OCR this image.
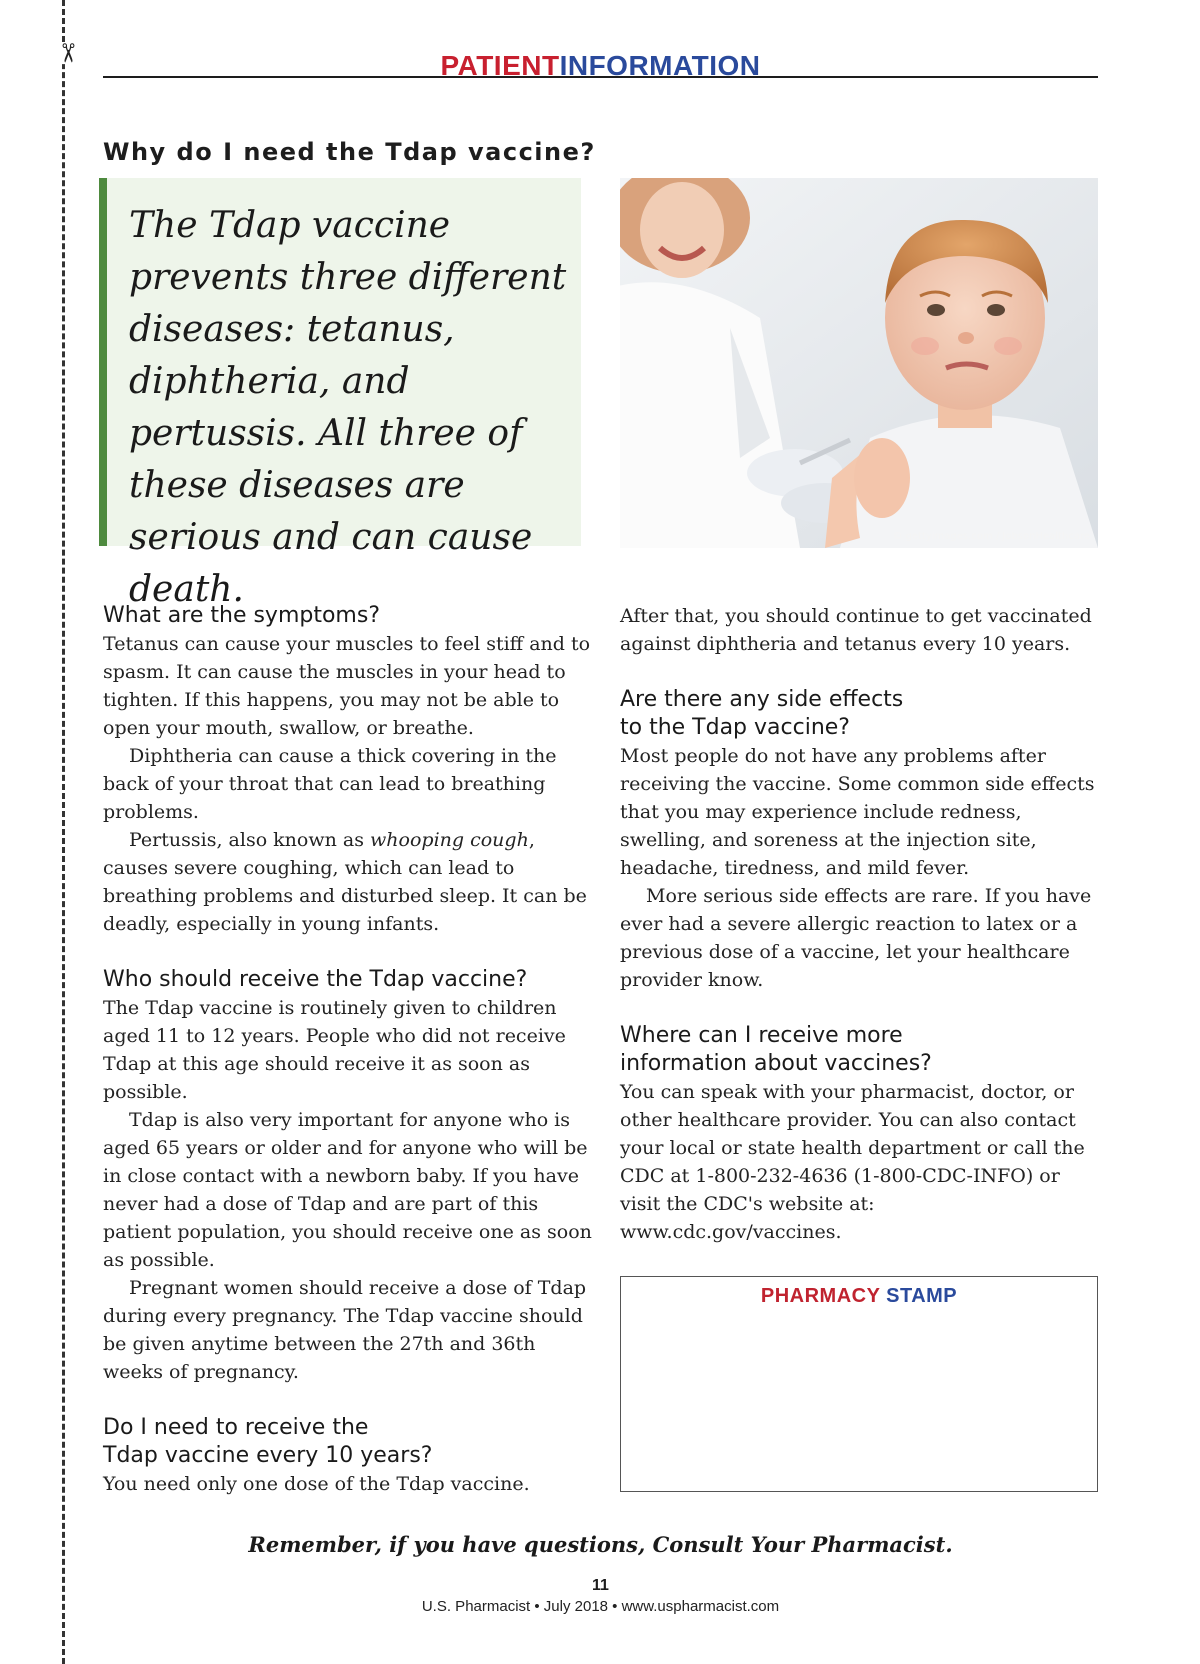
✂	PATIENTINFORMATION
Why do I need the Tdap vaccine?

The Tdap vaccine prevents three different diseases: tetanus, diphtheria, and pertussis. All three of these diseases are serious and can cause death.

© gettyimages.com / JobsonHealthcare
What are the symptoms?

Tetanus can cause your muscles to feel stiff and to spasm. It can cause the muscles in your head to tighten. If this happens, you may not be able to open your mouth, swallow, or breathe.

Diphtheria can cause a thick covering in the back of your throat that can lead to breathing problems.

Pertussis, also known as whooping cough, causes severe coughing, which can lead to breathing problems and disturbed sleep. It can be deadly, especially in young infants.

Who should receive the Tdap vaccine?

The Tdap vaccine is routinely given to children aged 11 to 12 years. People who did not receive Tdap at this age should receive it as soon as possible.

Tdap is also very important for anyone who is aged 65 years or older and for anyone who will be in close contact with a newborn baby. If you have never had a dose of Tdap and are part of this patient population, you should receive one as soon as possible.

Pregnant women should receive a dose of Tdap during every pregnancy. The Tdap vaccine should be given anytime between the 27th and 36th weeks of pregnancy.

Do I need to receive the
Tdap vaccine every 10 years?

You need only one dose of the Tdap vaccine.

After that, you should continue to get vaccinated against diphtheria and tetanus every 10 years.

Are there any side effects
to the Tdap vaccine?

Most people do not have any problems after receiving the vaccine. Some common side effects that you may experience include redness, swelling, and soreness at the injection site, headache, tiredness, and mild fever.

More serious side effects are rare. If you have ever had a severe allergic reaction to latex or a previous dose of a vaccine, let your healthcare provider know.

Where can I receive more
information about vaccines?

You can speak with your pharmacist, doctor, or other healthcare provider. You can also contact your local or state health department or call the CDC at 1-800-232-4636 (1-800-CDC-INFO) or visit the CDC's website at: www.cdc.gov/vaccines.

PHARMACY STAMP
Remember, if you have questions, Consult Your Pharmacist.
11
U.S. Pharmacist • July 2018 • www.uspharmacist.com
